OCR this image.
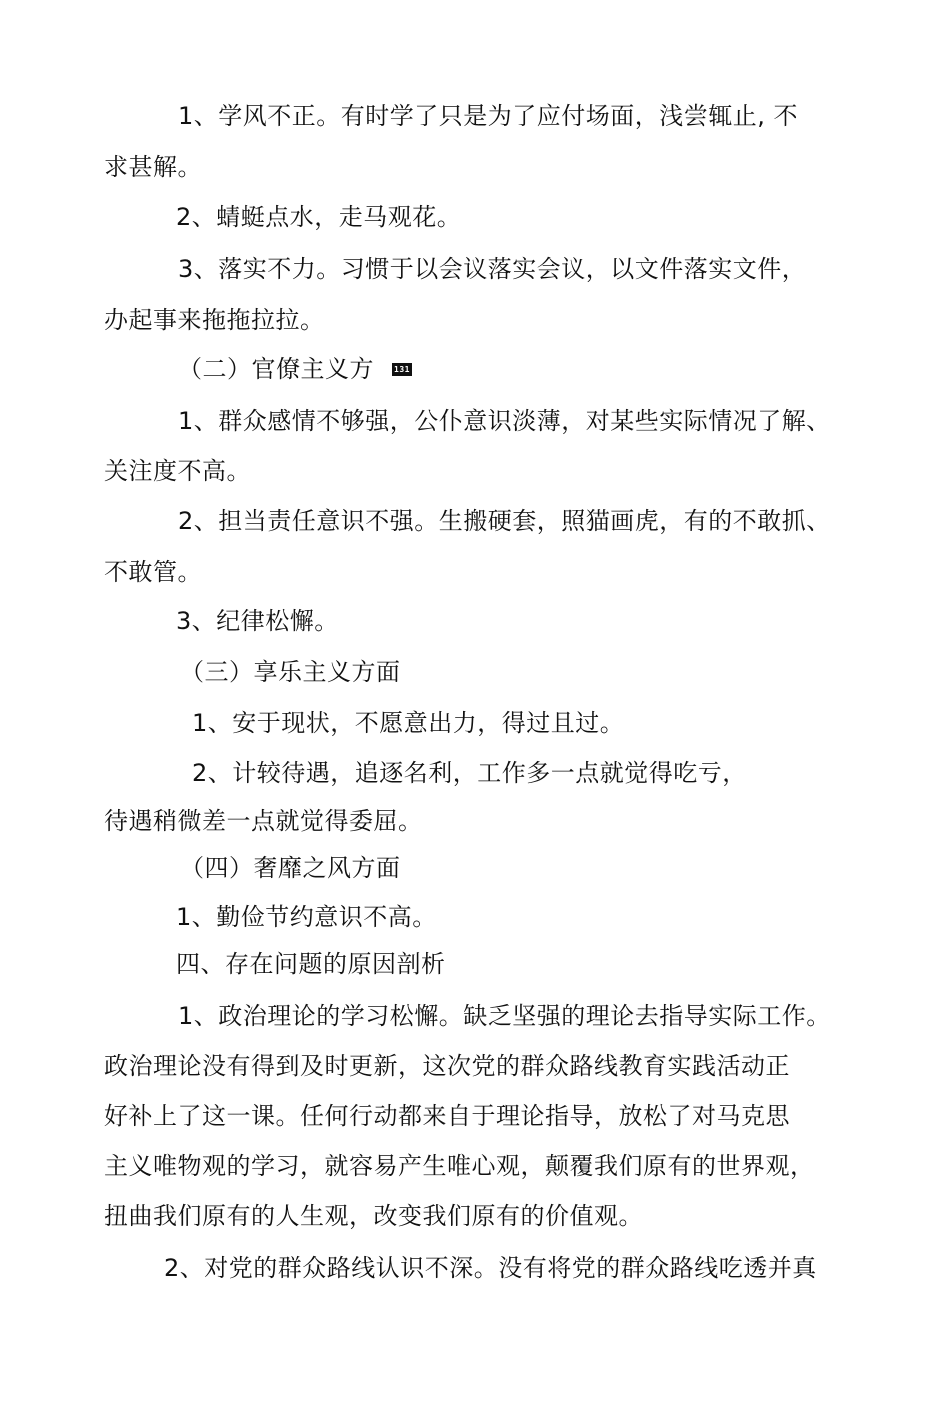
1、学风不正。有时学了只是为了应付场面，浅尝辄止, 不
求甚解。
2、蜻蜓点水，走马观花。
3、落实不力。习惯于以会议落实会议，以文件落实文件，
办起事来拖拖拉拉。
（二）官僚主义方	131
1、群众感情不够强，公仆意识淡薄，对某些实际情况了解、
关注度不高。
2、担当责任意识不强。生搬硬套，照猫画虎，有的不敢抓、
不敢管。
3、纪律松懈。
（三）享乐主义方面
1、安于现状，不愿意出力，得过且过。
2、计较待遇，追逐名利，工作多一点就觉得吃亏，
待遇稍微差一点就觉得委屈。
（四）奢靡之风方面
1、勤俭节约意识不高。
四、存在问题的原因剖析
1、政治理论的学习松懈。缺乏坚强的理论去指导实际工作。
政治理论没有得到及时更新，这次党的群众路线教育实践活动正
好补上了这一课。任何行动都来自于理论指导，放松了对马克思
主义唯物观的学习，就容易产生唯心观，颠覆我们原有的世界观，
扭曲我们原有的人生观，改变我们原有的价值观。
2、对党的群众路线认识不深。没有将党的群众路线吃透并真
